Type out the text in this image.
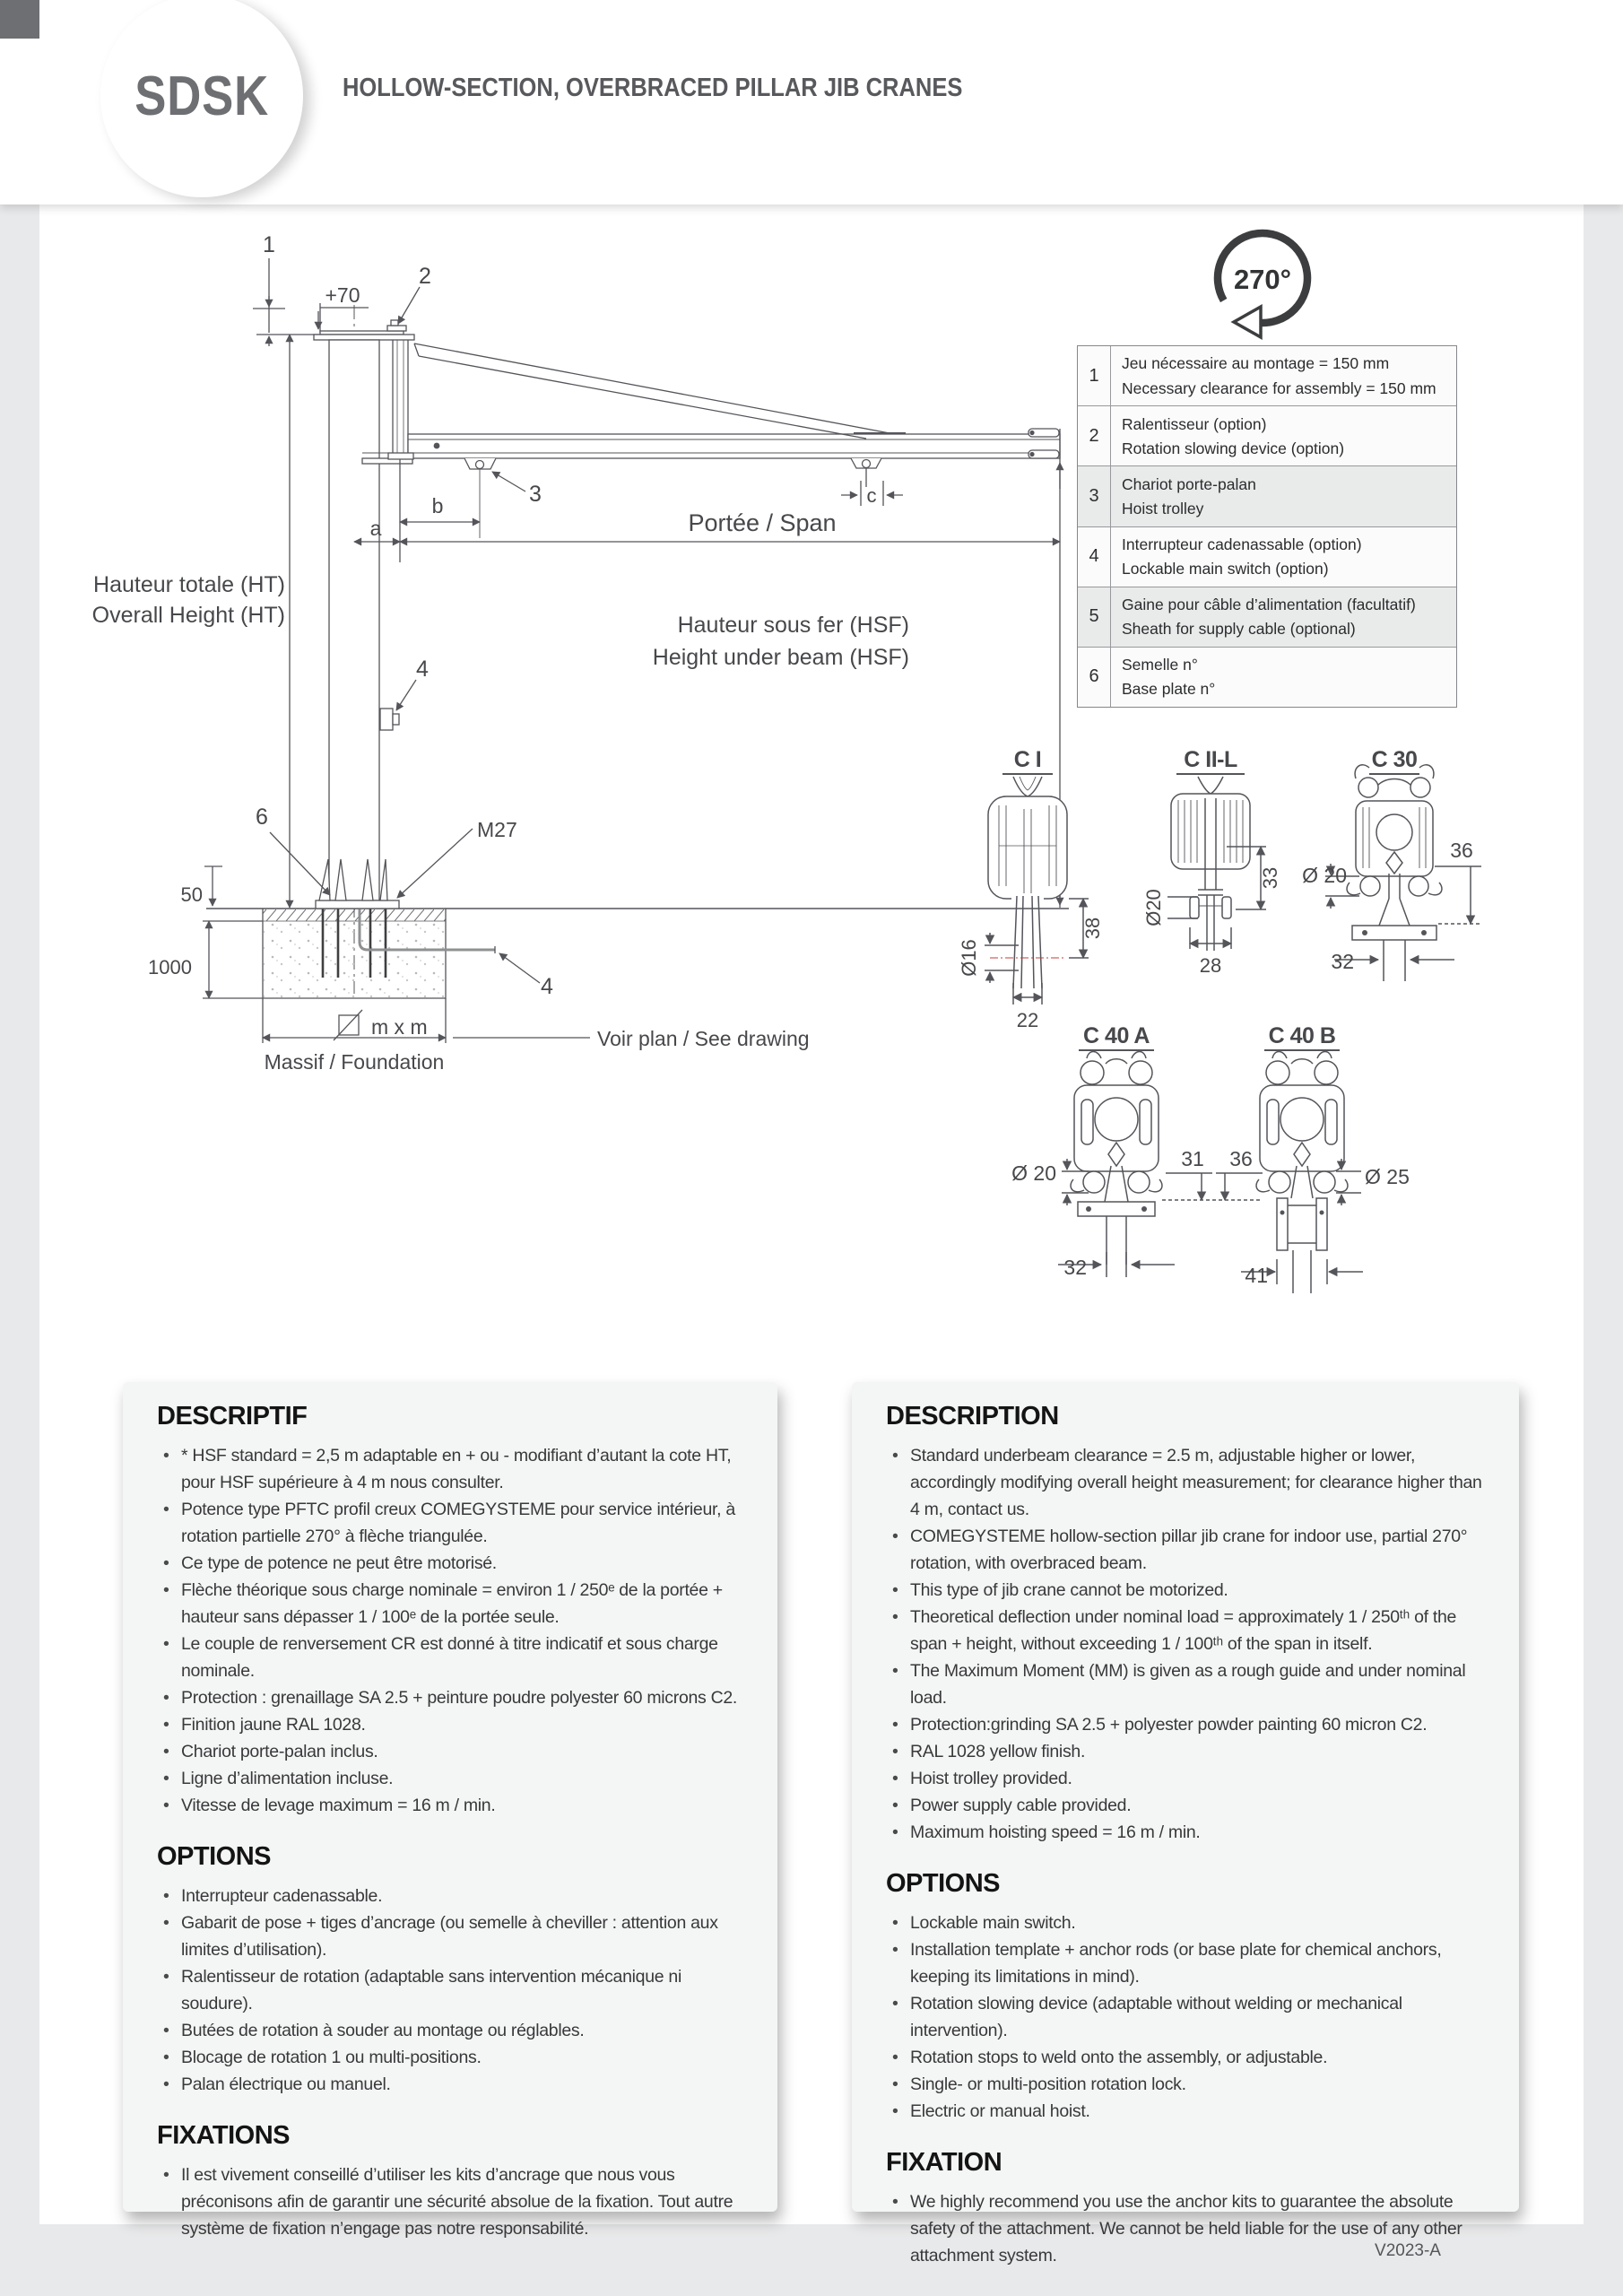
SDSK	HOLLOW-SECTION, OVERBRACED PILLAR JIB CRANES
1
+70
2
3
4
4
6	M27
a
b	c
Portée / Span
Hauteur totale (HT)
Overall Height (HT)	Hauteur sous fer (HSF)
Height under beam (HSF)
50
1000
m x m	Voir plan / See drawing
Massif / Foundation
270°
C I
Ø16
38
22
C II-L
Ø20
33
28
C 30
Ø 20
36
32
C 40 A
Ø 20
31
32
C 40 B
36
Ø 25
41
1
Jeu nécessaire au montage = 150 mm
Necessary clearance for assembly = 150 mm
2
Ralentisseur (option)
Rotation slowing device (option)
3
Chariot porte-palan
Hoist trolley
4
Interrupteur cadenassable (option)
Lockable main switch (option)
5
Gaine pour câble d’alimentation (facultatif)
Sheath for supply cable (optional)
6
Semelle n°
Base plate n°
DESCRIPTIF
• * HSF standard = 2,5 m adaptable en + ou - modifiant d’autant la cote HT, pour HSF supérieure à 4 m nous consulter.
• Potence type PFTC profil creux COMEGYSTEME pour service intérieur, à rotation partielle 270° à flèche triangulée.
• Ce type de potence ne peut être motorisé.
• Flèche théorique sous charge nominale = environ 1 / 250ᵉ de la portée + hauteur sans dépasser 1 / 100ᵉ de la portée seule.
• Le couple de renversement CR est donné à titre indicatif et sous charge nominale.
• Protection : grenaillage SA 2.5 + peinture poudre polyester 60 microns C2.
• Finition jaune RAL 1028.
• Chariot porte-palan inclus.
• Ligne d’alimentation incluse.
• Vitesse de levage maximum = 16 m / min.
OPTIONS
• Interrupteur cadenassable.
• Gabarit de pose + tiges d’ancrage (ou semelle à cheviller : attention aux limites d’utilisation).
• Ralentisseur de rotation (adaptable sans intervention mécanique ni soudure).
• Butées de rotation à souder au montage ou réglables.
• Blocage de rotation 1 ou multi-positions.
• Palan électrique ou manuel.
FIXATIONS
• Il est vivement conseillé d’utiliser les kits d’ancrage que nous vous préconisons afin de garantir une sécurité absolue de la fixation. Tout autre système de fixation n’engage pas notre responsabilité.
DESCRIPTION
• Standard underbeam clearance = 2.5 m, adjustable higher or lower, accordingly modifying overall height measurement; for clearance higher than 4 m, contact us.
• COMEGYSTEME hollow-section pillar jib crane for indoor use, partial 270° rotation, with overbraced beam.
• This type of jib crane cannot be motorized.
• Theoretical deflection under nominal load = approximately 1 / 250ᵗʰ of the span + height, without exceeding 1 / 100ᵗʰ of the span in itself.
• The Maximum Moment (MM) is given as a rough guide and under nominal load.
• Protection:grinding SA 2.5 + polyester powder painting 60 micron C2.
• RAL 1028 yellow finish.
• Hoist trolley provided.
• Power supply cable provided.
• Maximum hoisting speed = 16 m / min.
OPTIONS
• Lockable main switch.
• Installation template + anchor rods (or base plate for chemical anchors, keeping its limitations in mind).
• Rotation slowing device (adaptable without welding or mechanical intervention).
• Rotation stops to weld onto the assembly, or adjustable.
• Single- or multi-position rotation lock.
• Electric or manual hoist.
FIXATION
• We highly recommend you use the anchor kits to guarantee the absolute safety of the attachment. We cannot be held liable for the use of any other attachment system.	V2023-A
